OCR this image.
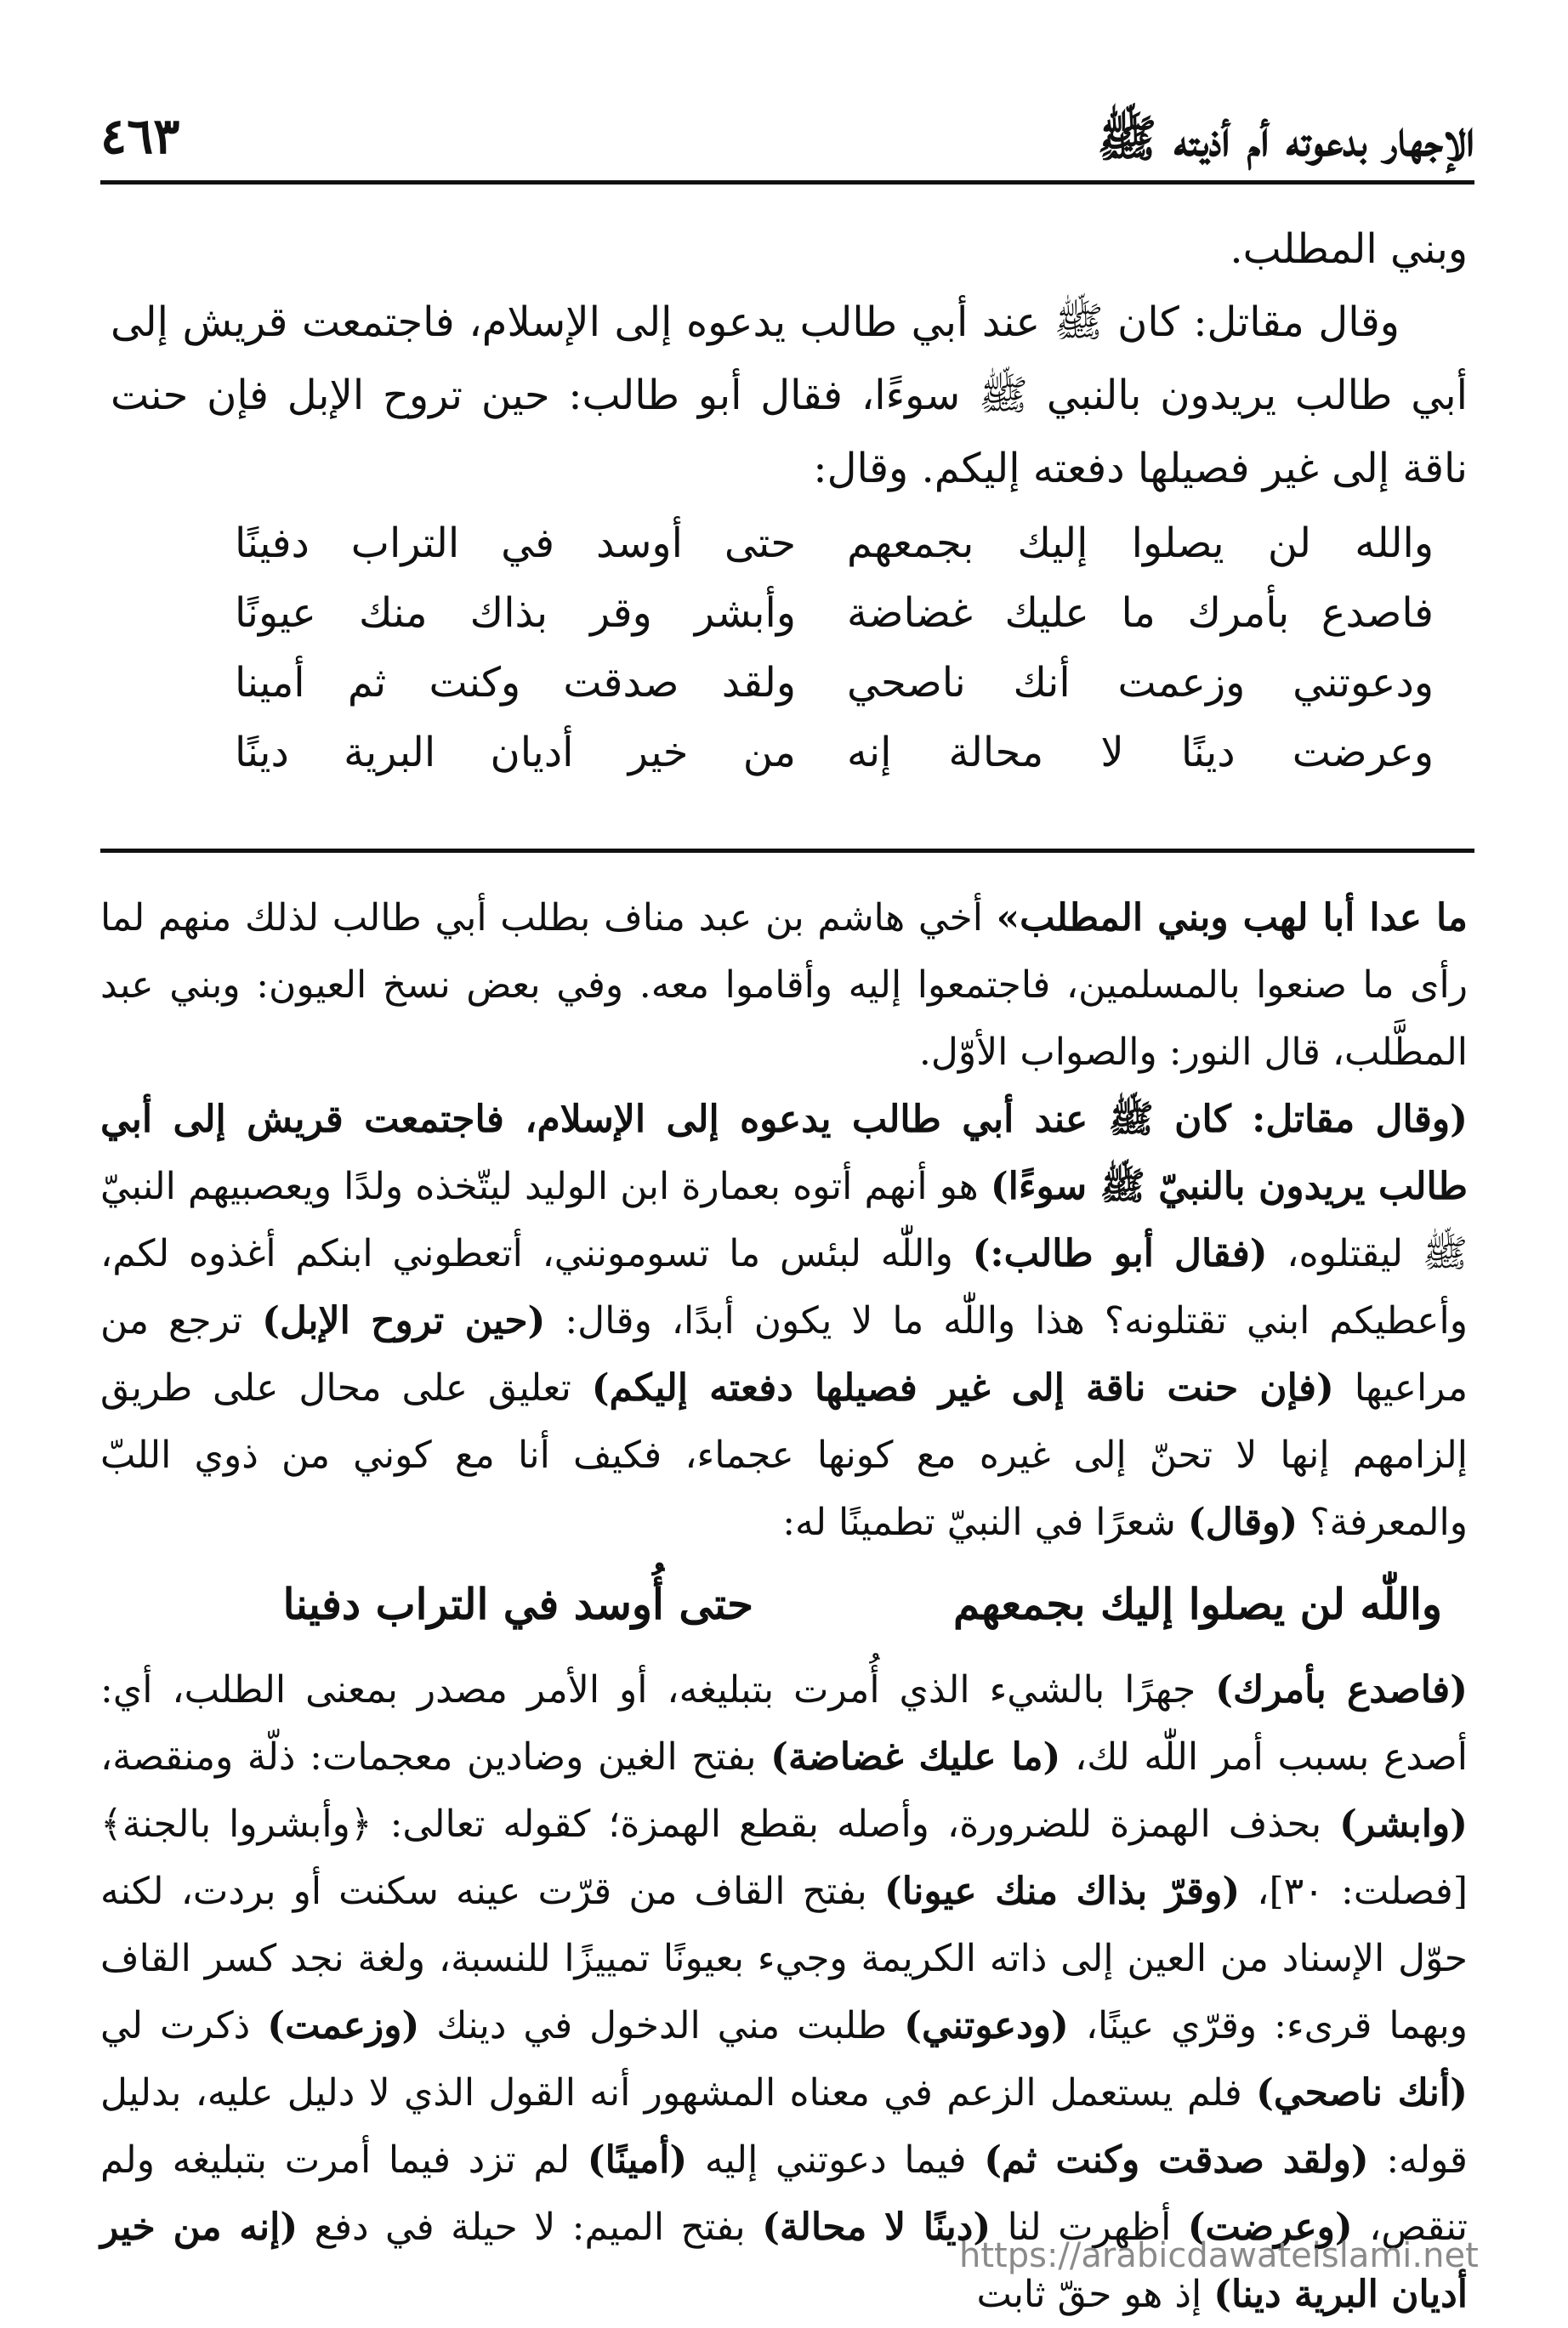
الإجهار بدعوته أم أذيته ﷺ
٤٦٣

وبني المطلب.

وقال مقاتل: كان ﷺ عند أبي طالب يدعوه إلى الإسلام، فاجتمعت قريش إلى أبي طالب يريدون بالنبي ﷺ سوءًا، فقال أبو طالب: حين تروح الإبل فإن حنت ناقة إلى غير فصيلها دفعته إليكم. وقال:

والله لن يصلوا إليك بجمعهم
حتى أوسد في التراب دفينًا
فاصدع بأمرك ما عليك غضاضة
وأبشر وقر بذاك منك عيونًا
ودعوتني وزعمت أنك ناصحي
ولقد صدقت وكنت ثم أمينا
وعرضت دينًا لا محالة إنه
من خير أديان البرية دينًا

ما عدا أبا لهب وبني المطلب» أخي هاشم بن عبد مناف بطلب أبي طالب لذلك منهم لما رأى ما صنعوا بالمسلمين، فاجتمعوا إليه وأقاموا معه. وفي بعض نسخ العيون: وبني عبد المطَّلب، قال النور: والصواب الأوّل.

(وقال مقاتل: كان ﷺ عند أبي طالب يدعوه إلى الإسلام، فاجتمعت قريش إلى أبي طالب يريدون بالنبيّ ﷺ سوءًا) هو أنهم أتوه بعمارة ابن الوليد ليتّخذه ولدًا ويعصبيهم النبيّ ﷺ ليقتلوه، (فقال أبو طالب:) واللّٰه لبئس ما تسومونني، أتعطوني ابنكم أغذوه لكم، وأعطيكم ابني تقتلونه؟ هذا واللّٰه ما لا يكون أبدًا، وقال: (حين تروح الإبل) ترجع من مراعيها (فإن حنت ناقة إلى غير فصيلها دفعته إليكم) تعليق على محال على طريق إلزامهم إنها لا تحنّ إلى غيره مع كونها عجماء، فكيف أنا مع كوني من ذوي اللبّ والمعرفة؟ (وقال) شعرًا في النبيّ تطمينًا له:

واللّٰه لن يصلوا إليك بجمعهم
حتى أُوسد في التراب دفينا

(فاصدع بأمرك) جهرًا بالشيء الذي أُمرت بتبليغه، أو الأمر مصدر بمعنى الطلب، أي: أصدع بسبب أمر اللّٰه لك، (ما عليك غضاضة) بفتح الغين وضادين معجمات: ذلّة ومنقصة، (وابشر) بحذف الهمزة للضرورة، وأصله بقطع الهمزة؛ كقوله تعالى: ﴿وأبشروا بالجنة﴾ [فصلت: ٣٠]، (وقرّ بذاك منك عيونا) بفتح القاف من قرّت عينه سكنت أو بردت، لكنه حوّل الإسناد من العين إلى ذاته الكريمة وجيء بعيونًا تمييزًا للنسبة، ولغة نجد كسر القاف وبهما قرىء: وقرّي عينًا، (ودعوتني) طلبت مني الدخول في دينك (وزعمت) ذكرت لي (أنك ناصحي) فلم يستعمل الزعم في معناه المشهور أنه القول الذي لا دليل عليه، بدليل قوله: (ولقد صدقت وكنت ثم) فيما دعوتني إليه (أمينًا) لم تزد فيما أمرت بتبليغه ولم تنقص، (وعرضت) أظهرت لنا (دينًا لا محالة) بفتح الميم: لا حيلة في دفع (إنه من خير أديان البرية دينا) إذ هو حقّ ثابت

https://arabicdawateislami.net
